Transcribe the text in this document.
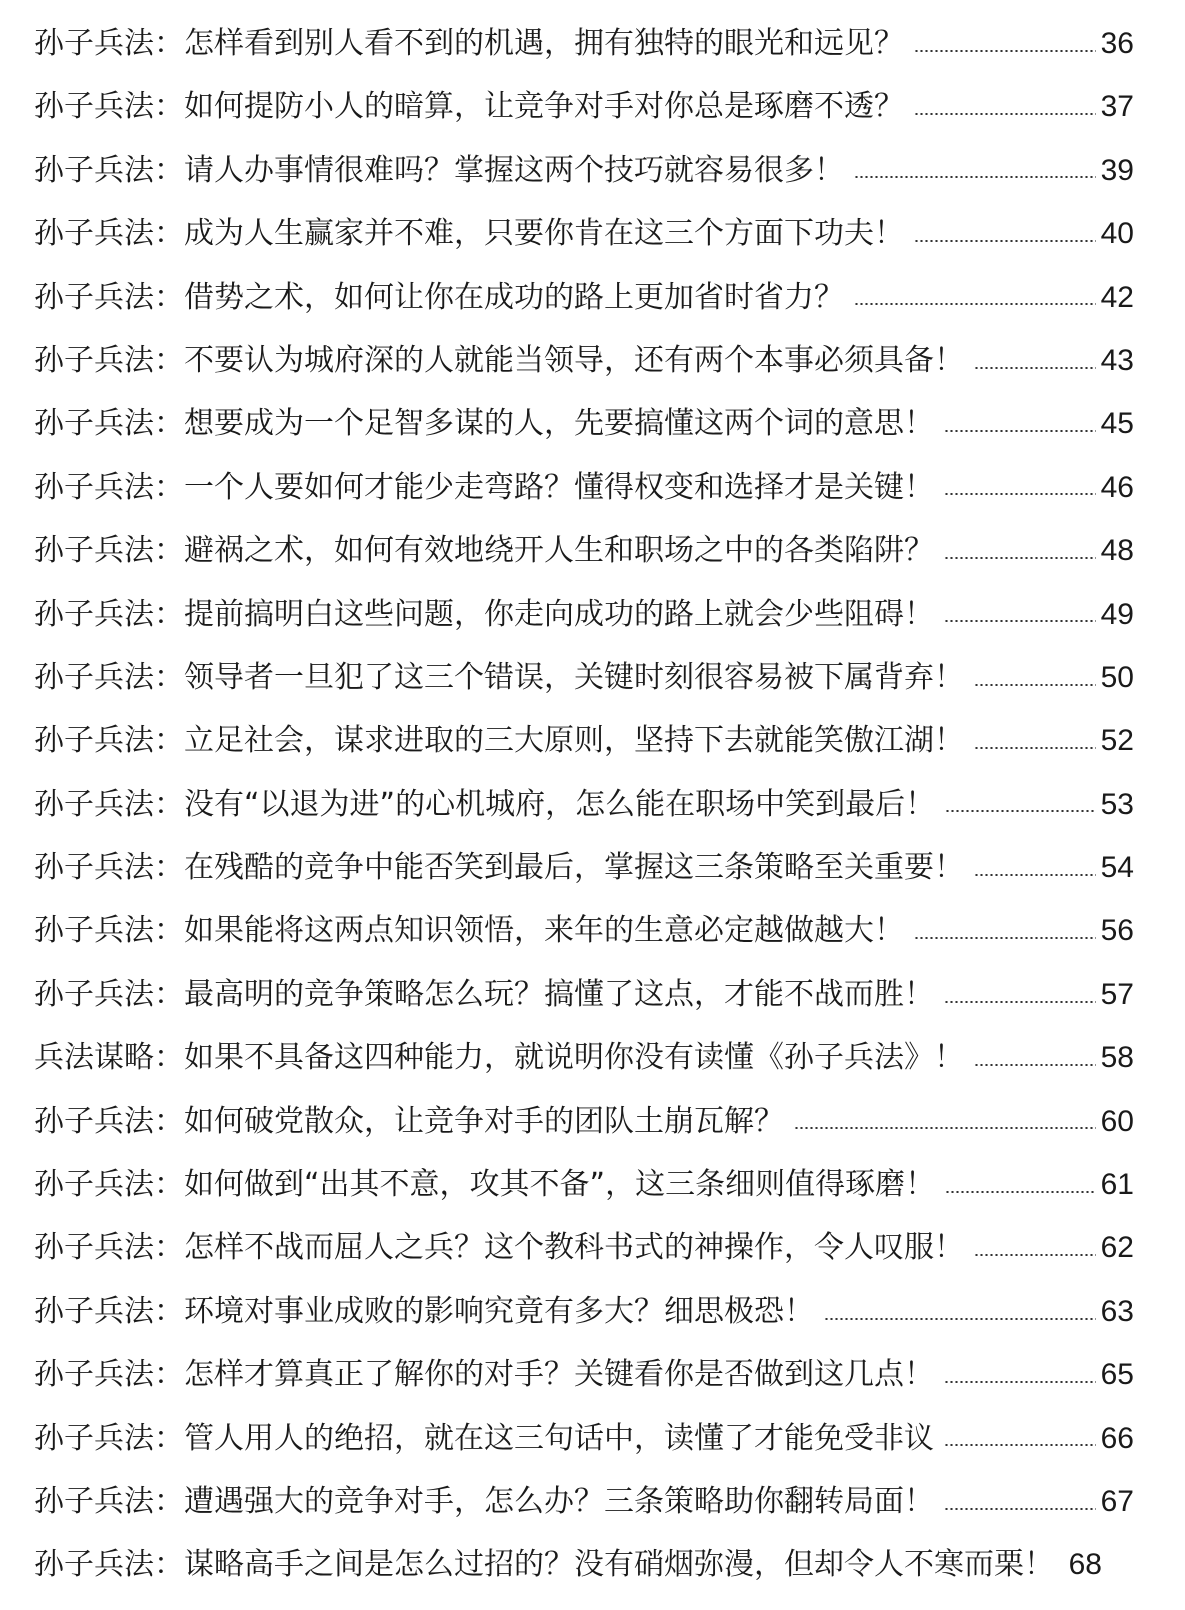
孙子兵法：怎样看到别人看不到的机遇，拥有独特的眼光和远见？	36
孙子兵法：如何提防小人的暗算，让竞争对手对你总是琢磨不透？	37
孙子兵法：请人办事情很难吗？掌握这两个技巧就容易很多！	39
孙子兵法：成为人生赢家并不难，只要你肯在这三个方面下功夫！	40
孙子兵法：借势之术，如何让你在成功的路上更加省时省力？	42
孙子兵法：不要认为城府深的人就能当领导，还有两个本事必须具备！	43
孙子兵法：想要成为一个足智多谋的人，先要搞懂这两个词的意思！	45
孙子兵法：一个人要如何才能少走弯路？懂得权变和选择才是关键！	46
孙子兵法：避祸之术，如何有效地绕开人生和职场之中的各类陷阱？	48
孙子兵法：提前搞明白这些问题，你走向成功的路上就会少些阻碍！	49
孙子兵法：领导者一旦犯了这三个错误，关键时刻很容易被下属背弃！	50
孙子兵法：立足社会，谋求进取的三大原则，坚持下去就能笑傲江湖！	52
孙子兵法：没有“以退为进”的心机城府，怎么能在职场中笑到最后！	53
孙子兵法：在残酷的竞争中能否笑到最后，掌握这三条策略至关重要！	54
孙子兵法：如果能将这两点知识领悟，来年的生意必定越做越大！	56
孙子兵法：最高明的竞争策略怎么玩？搞懂了这点，才能不战而胜！	57
兵法谋略：如果不具备这四种能力，就说明你没有读懂《孙子兵法》！	58
孙子兵法：如何破党散众，让竞争对手的团队土崩瓦解？	60
孙子兵法：如何做到“出其不意，攻其不备”，这三条细则值得琢磨！	61
孙子兵法：怎样不战而屈人之兵？这个教科书式的神操作，令人叹服！	62
孙子兵法：环境对事业成败的影响究竟有多大？细思极恐！	63
孙子兵法：怎样才算真正了解你的对手？关键看你是否做到这几点！	65
孙子兵法：管人用人的绝招，就在这三句话中，读懂了才能免受非议	66
孙子兵法：遭遇强大的竞争对手，怎么办？三条策略助你翻转局面！	67
孙子兵法：谋略高手之间是怎么过招的？没有硝烟弥漫，但却令人不寒而栗！ 68
